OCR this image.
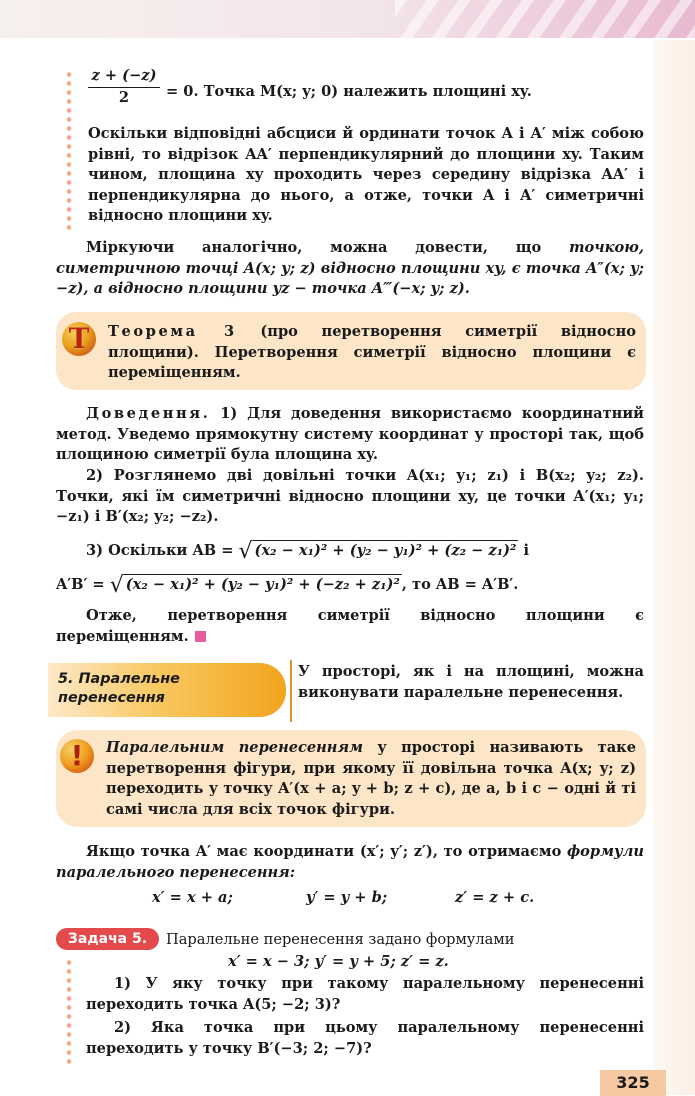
$\frac{z + (-z)}{2} = 0$. Точка M(x; y; 0) належить площині xy.

Оскільки відповідні абсциси й ординати точок A і A′ між собою рівні, то відрізок AA′ перпендикулярний до площини xy. Таким чином, площина xy проходить через середину відрізка AA′ і перпендикулярна до нього, а отже, точки A і A′ симетричні відносно площини xy.

Міркуючи аналогічно, можна довести, що точкою, симетричною точці A(x; y; z) відносно площини xy, є точка A″(x; y; −z), а відносно площини yz − точка A‴(−x; y; z).

Т	Теорема 3 (про перетворення симетрії відносно площини). Перетворення симетрії відносно площини є переміщенням.

Доведення. 1) Для доведення використаємо координатний метод. Уведемо прямокутну систему координат у просторі так, щоб площиною симетрії була площина xy.

2) Розглянемо дві довільні точки A(x₁; y₁; z₁) і B(x₂; y₂; z₂). Точки, які їм симетричні відносно площини xy, це точки A′(x₁; y₁; −z₁) і B′(x₂; y₂; −z₂).

3) Оскільки AB = √ (x₂ − x₁)² + (y₂ − y₁)² + (z₂ − z₁)² і

A′B′ = √ (x₂ − x₁)² + (y₂ − y₁)² + (−z₂ + z₁)² , то AB = A′B′.

Отже, перетворення симетрії відносно площини є переміщенням.

5. Паралельне
перенесення

У просторі, як і на площині, можна виконувати паралельне перенесення.

!	Паралельним перенесенням у просторі називають таке перетворення фігури, при якому її довільна точка A(x; y; z) переходить у точку A′(x + a; y + b; z + c), де a, b і c − одні й ті самі числа для всіх точок фігури.

Якщо точка A′ має координати (x′; y′; z′), то отримаємо формули паралельного перенесення:

x′ = x + a;	y′ = y + b;	z′ = z + c.
Задача 5.	Паралельне перенесення задано формулами

x′ = x − 3; y′ = y + 5; z′ = z.

1) У яку точку при такому паралельному перенесенні переходить точка A(5; −2; 3)?

2) Яка точка при цьому паралельному перенесенні переходить у точку B′(−3; 2; −7)?

325
